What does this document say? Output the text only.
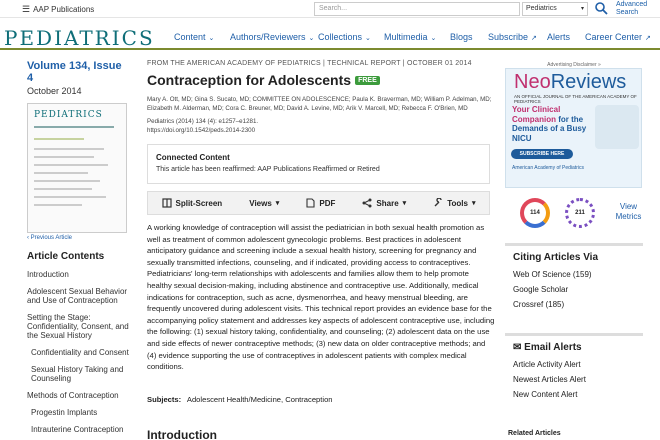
☰ AAP Publications	Search...	Pediatrics	▾
Advanced
Search
PEDIATRICS Content ⌄ Authors/Reviewers ⌄ Collections ⌄ Multimedia ⌄ Blogs Subscribe ↗ Alerts Career Center ↗
Volume 134, Issue 4
October 2014
PEDIATRICS
‹ Previous Article
Article Contents
Introduction
Adolescent Sexual Behavior and Use of Contraception
Setting the Stage: Confidentiality, Consent, and the Sexual History
Confidentiality and Consent
Sexual History Taking and Counseling
Methods of Contraception
Progestin Implants
Intrauterine Contraception
FROM THE AMERICAN ACADEMY OF PEDIATRICS | TECHNICAL REPORT | OCTOBER 01 2014
Contraception for Adolescents	FREE
Mary A. Ott, MD; Gina S. Sucato, MD; COMMITTEE ON ADOLESCENCE; Paula K. Braverman, MD; William P. Adelman, MD;
Elizabeth M. Alderman, MD; Cora C. Breuner, MD; David A. Levine, MD; Arik V. Marcell, MD; Rebecca F. O'Brien, MD
Pediatrics (2014) 134 (4): e1257–e1281.
https://doi.org/10.1542/peds.2014-2300
Connected Content

This article has been reaffirmed: AAP Publications Reaffirmed or Retired

Split-Screen	Views ▾	PDF	Share ▾	Tools ▾
A working knowledge of contraception will assist the pediatrician in both sexual health promotion as well as treatment of common adolescent gynecologic problems. Best practices in adolescent anticipatory guidance and screening include a sexual health history, screening for pregnancy and sexually transmitted infections, counseling, and if indicated, providing access to contraceptives. Pediatricians' long-term relationships with adolescents and families allow them to help promote healthy sexual decision-making, including abstinence and contraceptive use. Additionally, medical indications for contraception, such as acne, dysmenorrhea, and heavy menstrual bleeding, are frequently uncovered during adolescent visits. This technical report provides an evidence base for the accompanying policy statement and addresses key aspects of adolescent contraceptive use, including the following: (1) sexual history taking, confidentiality, and counseling; (2) adolescent data on the use and side effects of newer contraceptive methods; (3) new data on older contraceptive methods; and (4) evidence supporting the use of contraceptives in adolescent patients with complex medical conditions.
Subjects: Adolescent Health/Medicine, Contraception
Introduction
Advertising Disclaimer »
NeoReviews
AN OFFICIAL JOURNAL OF THE AMERICAN ACADEMY OF PEDIATRICS
Your Clinical Companion for the Demands of a Busy NICU
SUBSCRIBE HERE
American Academy of Pediatrics
114	211
View Metrics
Citing Articles Via
Web Of Science (159)
Google Scholar
Crossref (185)
✉ Email Alerts
Article Activity Alert
Newest Articles Alert
New Content Alert
Related Articles
